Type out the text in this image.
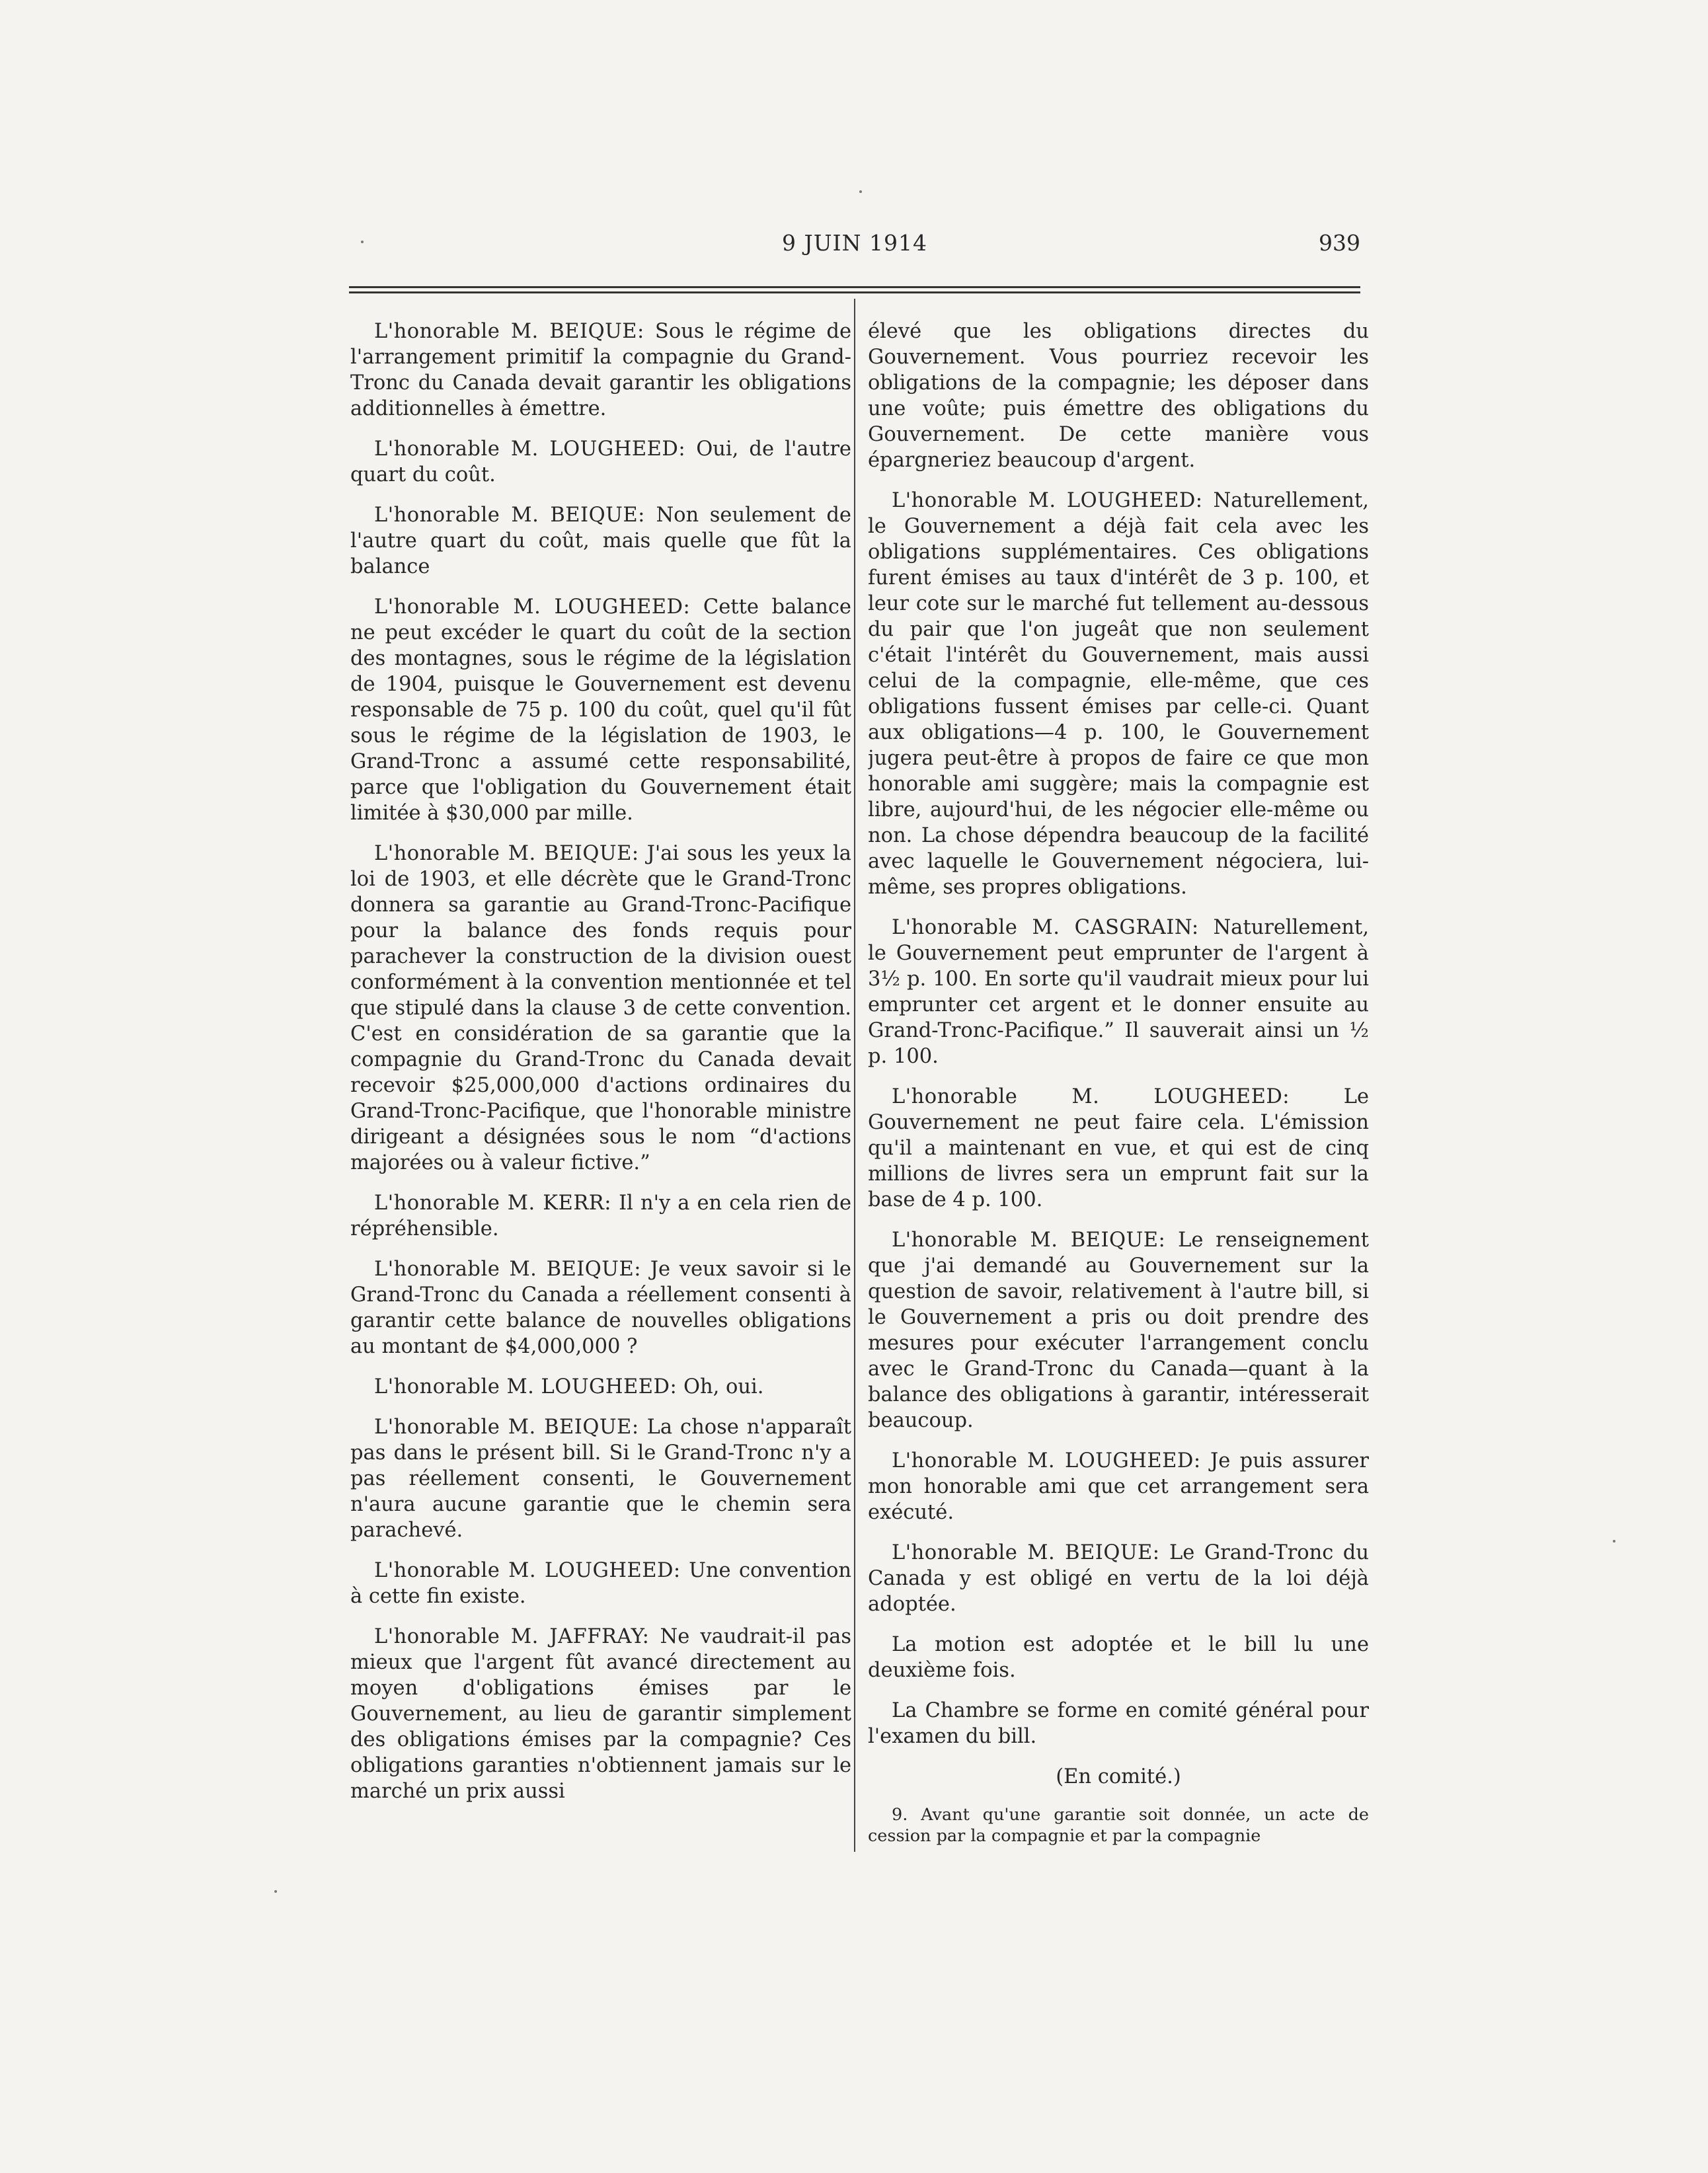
9 JUIN 1914	939

L'honorable M. BEIQUE: Sous le régime de l'arrangement primitif la compagnie du Grand-Tronc du Canada devait garantir les obligations additionnelles à émettre.

L'honorable M. LOUGHEED: Oui, de l'autre quart du coût.

L'honorable M. BEIQUE: Non seulement de l'autre quart du coût, mais quelle que fût la balance

L'honorable M. LOUGHEED: Cette balance ne peut excéder le quart du coût de la section des montagnes, sous le régime de la législation de 1904, puisque le Gouvernement est devenu responsable de 75 p. 100 du coût, quel qu'il fût sous le régime de la législation de 1903, le Grand-Tronc a assumé cette responsabilité, parce que l'obligation du Gouvernement était limitée à $30,000 par mille.

L'honorable M. BEIQUE: J'ai sous les yeux la loi de 1903, et elle décrète que le Grand-Tronc donnera sa garantie au Grand-Tronc-Pacifique pour la balance des fonds requis pour parachever la construction de la division ouest conformément à la convention mentionnée et tel que stipulé dans la clause 3 de cette convention. C'est en considération de sa garantie que la compagnie du Grand-Tronc du Canada devait recevoir $25,000,000 d'actions ordinaires du Grand-Tronc-Pacifique, que l'honorable ministre dirigeant a désignées sous le nom “d'actions majorées ou à valeur fictive.”

L'honorable M. KERR: Il n'y a en cela rien de répréhensible.

L'honorable M. BEIQUE: Je veux savoir si le Grand-Tronc du Canada a réellement consenti à garantir cette balance de nouvelles obligations au montant de $4,000,000 ?

L'honorable M. LOUGHEED: Oh, oui.

L'honorable M. BEIQUE: La chose n'apparaît pas dans le présent bill. Si le Grand-Tronc n'y a pas réellement consenti, le Gouvernement n'aura aucune garantie que le chemin sera parachevé.

L'honorable M. LOUGHEED: Une convention à cette fin existe.

L'honorable M. JAFFRAY: Ne vaudrait-il pas mieux que l'argent fût avancé directement au moyen d'obligations émises par le Gouvernement, au lieu de garantir simplement des obligations émises par la compagnie? Ces obligations garanties n'obtiennent jamais sur le marché un prix aussi

élevé que les obligations directes du Gouvernement. Vous pourriez recevoir les obligations de la compagnie; les déposer dans une voûte; puis émettre des obligations du Gouvernement. De cette manière vous épargneriez beaucoup d'argent.

L'honorable M. LOUGHEED: Naturellement, le Gouvernement a déjà fait cela avec les obligations supplémentaires. Ces obligations furent émises au taux d'intérêt de 3 p. 100, et leur cote sur le marché fut tellement au-dessous du pair que l'on jugeât que non seulement c'était l'intérêt du Gouvernement, mais aussi celui de la compagnie, elle-même, que ces obligations fussent émises par celle-ci. Quant aux obligations—4 p. 100, le Gouvernement jugera peut-être à propos de faire ce que mon honorable ami suggère; mais la compagnie est libre, aujourd'hui, de les négocier elle-même ou non. La chose dépendra beaucoup de la facilité avec laquelle le Gouvernement négociera, lui-même, ses propres obligations.

L'honorable M. CASGRAIN: Naturellement, le Gouvernement peut emprunter de l'argent à 3½ p. 100. En sorte qu'il vaudrait mieux pour lui emprunter cet argent et le donner ensuite au Grand-Tronc-Pacifique.” Il sauverait ainsi un ½ p. 100.

L'honorable M. LOUGHEED:	Le Gouvernement ne peut faire cela. L'émission qu'il a maintenant en vue, et qui est de cinq millions de livres sera un emprunt fait sur la base de 4 p. 100.

L'honorable M. BEIQUE: Le renseignement que j'ai demandé au Gouvernement sur la question de savoir, relativement à l'autre bill, si le Gouvernement a pris ou doit prendre des mesures pour exécuter l'arrangement conclu avec le Grand-Tronc du Canada—quant à la balance des obligations à garantir, intéresserait beaucoup.

L'honorable M. LOUGHEED: Je puis assurer mon honorable ami que cet arrangement sera exécuté.

L'honorable M. BEIQUE: Le Grand-Tronc du Canada y est obligé en vertu de la loi déjà adoptée.

La motion est adoptée et le bill lu une deuxième fois.

La Chambre se forme en comité général pour l'examen du bill.

(En comité.)

9. Avant qu'une garantie soit donnée, un acte de cession par la compagnie et par la compagnie
